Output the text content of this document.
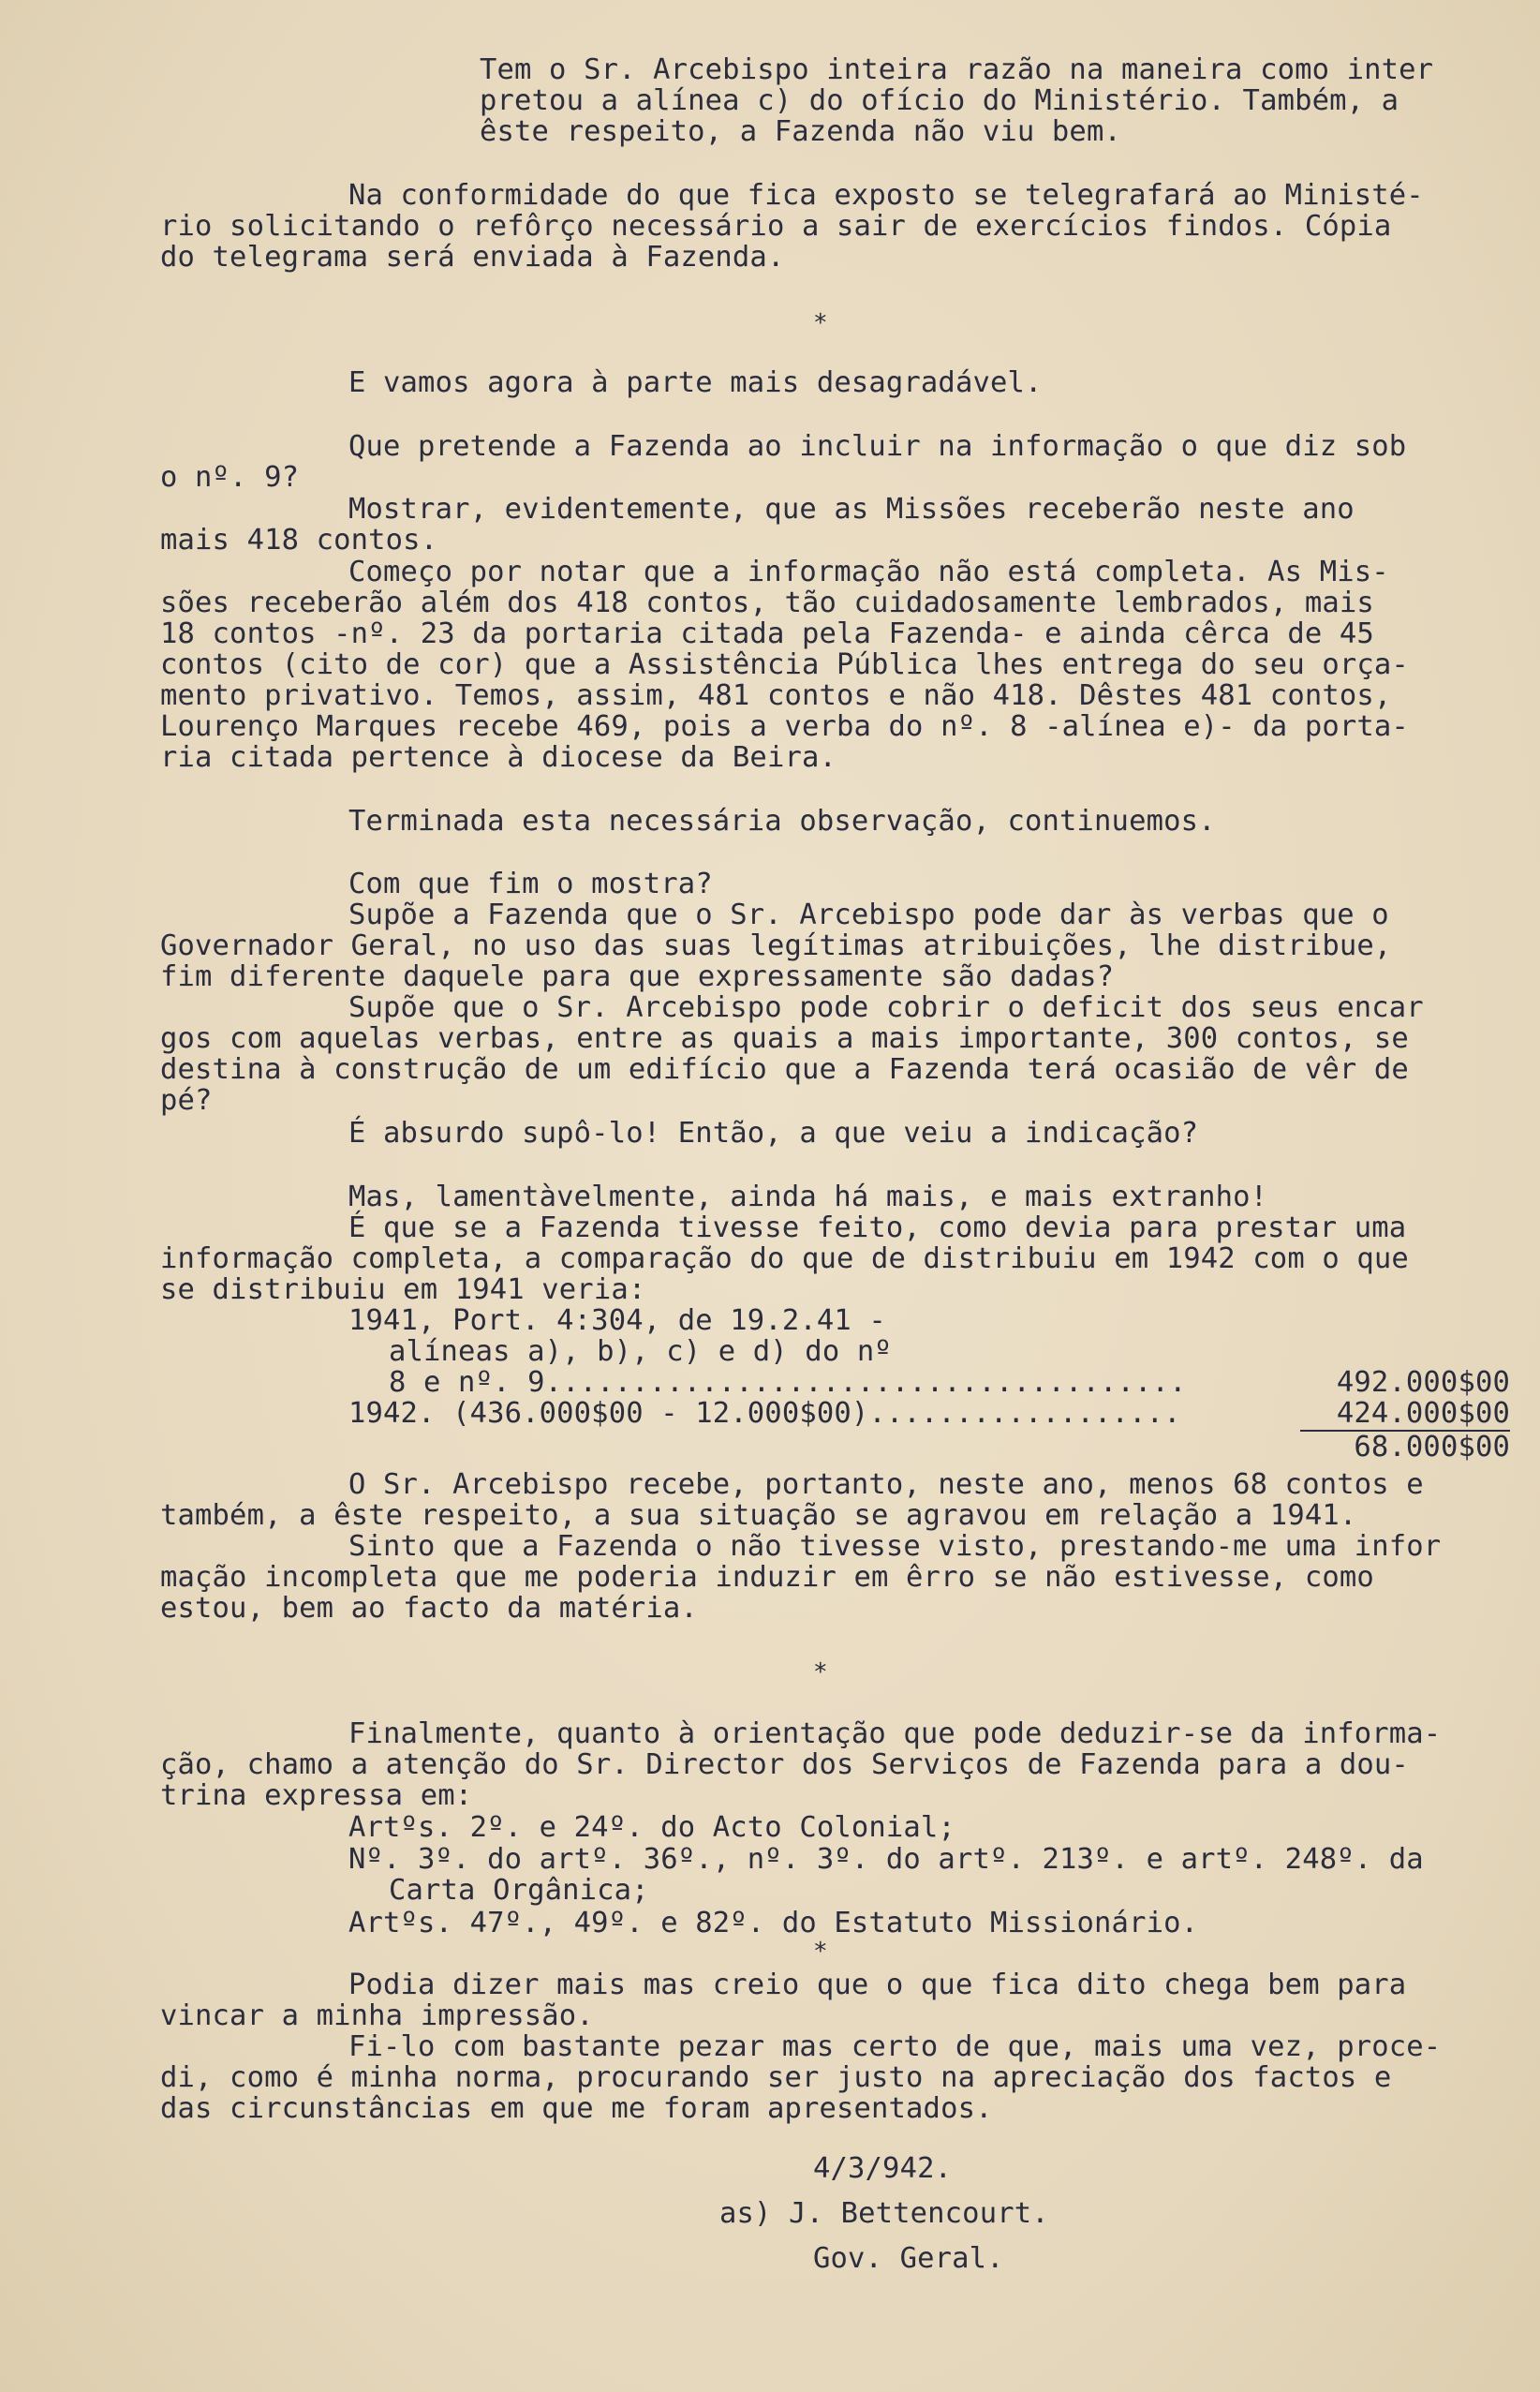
Tem o Sr. Arcebispo inteira razão na maneira como inter
pretou a alínea c) do ofício do Ministério. Também, a
êste respeito, a Fazenda não viu bem.
Na conformidade do que fica exposto se telegrafará ao Ministé-
rio solicitando o refôrço necessário a sair de exercícios findos. Cópia
do telegrama será enviada à Fazenda.
*
E vamos agora à parte mais desagradável.
Que pretende a Fazenda ao incluir na informação o que diz sob
o nº. 9?
Mostrar, evidentemente, que as Missões receberão neste ano
mais 418 contos.
Começo por notar que a informação não está completa. As Mis-
sões receberão além dos 418 contos, tão cuidadosamente lembrados, mais
18 contos -nº. 23 da portaria citada pela Fazenda- e ainda cêrca de 45
contos (cito de cor) que a Assistência Pública lhes entrega do seu orça-
mento privativo. Temos, assim, 481 contos e não 418. Dêstes 481 contos,
Lourenço Marques recebe 469, pois a verba do nº. 8 -alínea e)- da porta-
ria citada pertence à diocese da Beira.
Terminada esta necessária observação, continuemos.
Com que fim o mostra?
Supõe a Fazenda que o Sr. Arcebispo pode dar às verbas que o
Governador Geral, no uso das suas legítimas atribuições, lhe distribue,
fim diferente daquele para que expressamente são dadas?
Supõe que o Sr. Arcebispo pode cobrir o deficit dos seus encar
gos com aquelas verbas, entre as quais a mais importante, 300 contos, se
destina à construção de um edifício que a Fazenda terá ocasião de vêr de
pé?
É absurdo supô-lo! Então, a que veiu a indicação?
Mas, lamentàvelmente, ainda há mais, e mais extranho!
É que se a Fazenda tivesse feito, como devia para prestar uma
informação completa, a comparação do que de distribuiu em 1942 com o que
se distribuiu em 1941 veria:
1941, Port. 4:304, de 19.2.41 -
alíneas a), b), c) e d) do nº
8 e nº. 9.....................................	492.000$00
1942. (436.000$00 - 12.000$00)..................	424.000$00
68.000$00
O Sr. Arcebispo recebe, portanto, neste ano, menos 68 contos e
também, a êste respeito, a sua situação se agravou em relação a 1941.
Sinto que a Fazenda o não tivesse visto, prestando-me uma infor
mação incompleta que me poderia induzir em êrro se não estivesse, como
estou, bem ao facto da matéria.
*
Finalmente, quanto à orientação que pode deduzir-se da informa-
ção, chamo a atenção do Sr. Director dos Serviços de Fazenda para a dou-
trina expressa em:
Artºs. 2º. e 24º. do Acto Colonial;
Nº. 3º. do artº. 36º., nº. 3º. do artº. 213º. e artº. 248º. da
Carta Orgânica;
Artºs. 47º., 49º. e 82º. do Estatuto Missionário.
*
Podia dizer mais mas creio que o que fica dito chega bem para
vincar a minha impressão.
Fi-lo com bastante pezar mas certo de que, mais uma vez, proce-
di, como é minha norma, procurando ser justo na apreciação dos factos e
das circunstâncias em que me foram apresentados.
4/3/942.
as) J. Bettencourt.
Gov. Geral.
